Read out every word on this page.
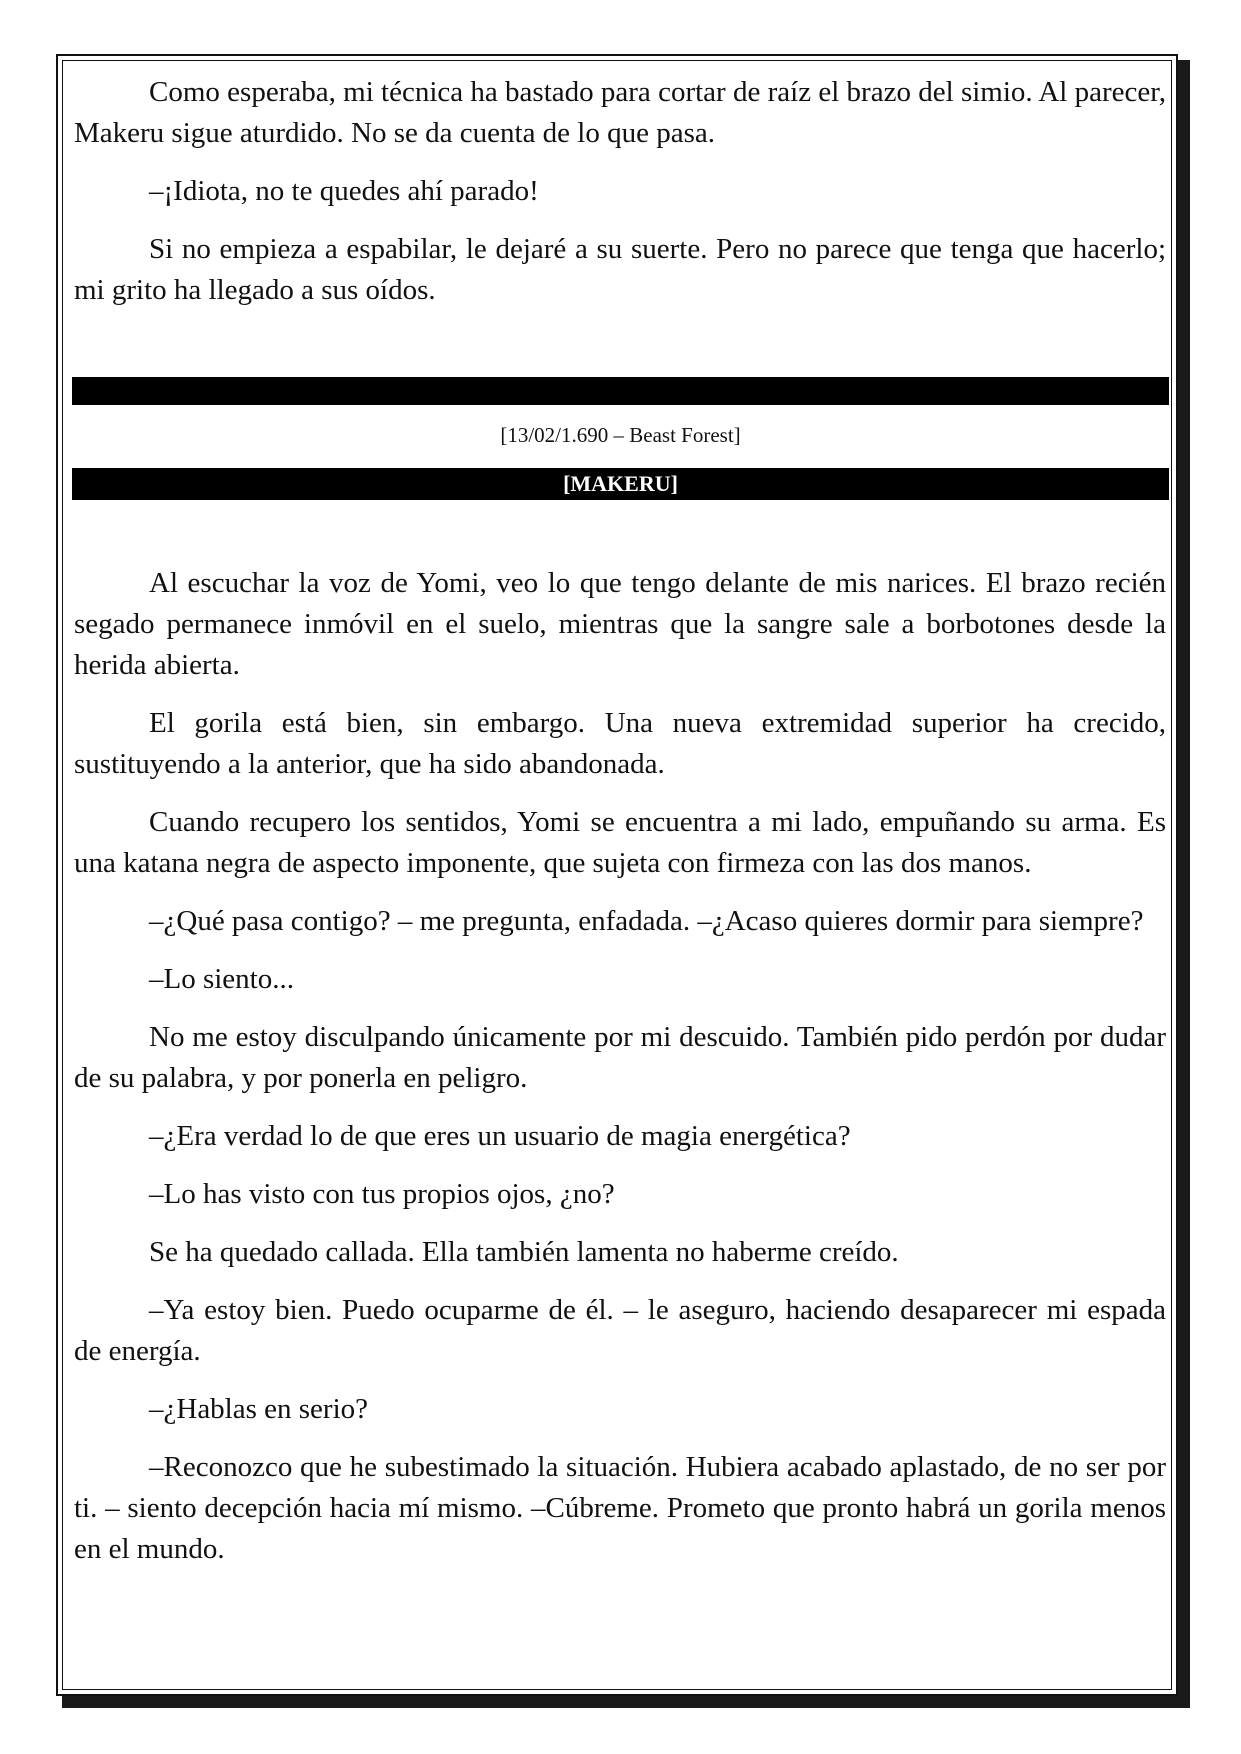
Como esperaba, mi técnica ha bastado para cortar de raíz el brazo del simio. Al parecer, Makeru sigue aturdido. No se da cuenta de lo que pasa.

–¡Idiota, no te quedes ahí parado!

Si no empieza a espabilar, le dejaré a su suerte. Pero no parece que tenga que hacerlo; mi grito ha llegado a sus oídos.

[13/02/1.690 – Beast Forest]
[MAKERU]

Al escuchar la voz de Yomi, veo lo que tengo delante de mis narices. El brazo recién segado permanece inmóvil en el suelo, mientras que la sangre sale a borbotones desde la herida abierta.

El gorila está bien, sin embargo. Una nueva extremidad superior ha crecido, sustituyendo a la anterior, que ha sido abandonada.

Cuando recupero los sentidos, Yomi se encuentra a mi lado, empuñando su arma. Es una katana negra de aspecto imponente, que sujeta con firmeza con las dos manos.

–¿Qué pasa contigo? – me pregunta, enfadada. –¿Acaso quieres dormir para siempre?

–Lo siento...

No me estoy disculpando únicamente por mi descuido. También pido perdón por dudar de su palabra, y por ponerla en peligro.

–¿Era verdad lo de que eres un usuario de magia energética?

–Lo has visto con tus propios ojos, ¿no?

Se ha quedado callada. Ella también lamenta no haberme creído.

–Ya estoy bien. Puedo ocuparme de él. – le aseguro, haciendo desaparecer mi espada de energía.

–¿Hablas en serio?

–Reconozco que he subestimado la situación. Hubiera acabado aplastado, de no ser por ti. – siento decepción hacia mí mismo. –Cúbreme. Prometo que pronto habrá un gorila menos en el mundo.
